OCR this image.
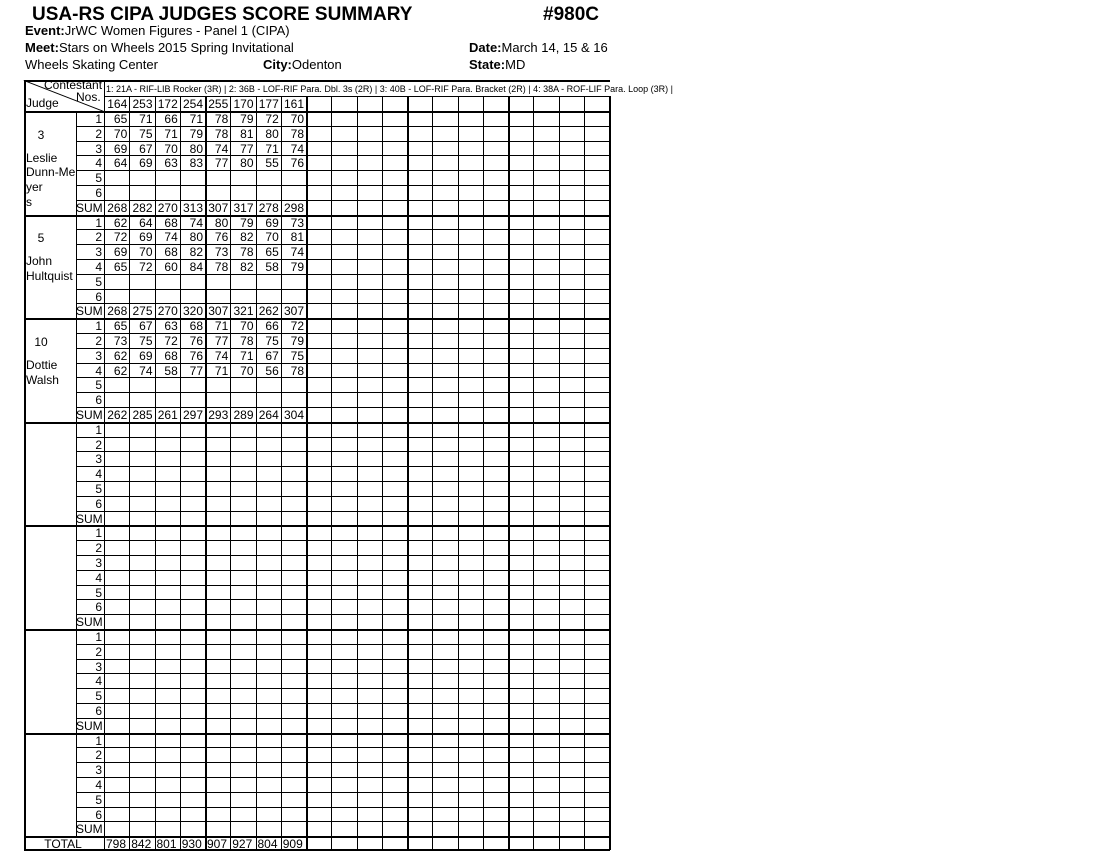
USA-RS CIPA JUDGES SCORE SUMMARY	#980C
Event:JrWC Women Figures - Panel 1 (CIPA)
Meet:Stars on Wheels 2015 Spring Invitational	Date:March 14, 15 & 16
Wheels Skating Center	City:Odenton	State:MD
Contestant
Nos.
Judge
1: 21A - RIF-LIB Rocker (3R) | 2: 36B - LOF-RIF Para. Dbl. 3s (2R) | 3: 40B - LOF-RIF Para. Bracket (2R) | 4: 38A - ROF-LIF Para. Loop (3R) |
164 253 172 254 255 170 177 161
3
Leslie
Dunn-Meyer
s
1 65 71 66 71 78 79 72 70
2 70 75 71 79 78 81 80 78
3 69 67 70 80 74 77 71 74
4 64 69 63 83 77 80 55 76
5
6
SUM 268 282 270 313 307 317 278 298
5
John
Hultquist
1 62 64 68 74 80 79 69 73
2 72 69 74 80 76 82 70 81
3 69 70 68 82 73 78 65 74
4 65 72 60 84 78 82 58 79
5
6
SUM 268 275 270 320 307 321 262 307
10
Dottie
Walsh
1 65 67 63 68 71 70 66 72
2 73 75 72 76 77 78 75 79
3 62 69 68 76 74 71 67 75
4 62 74 58 77 71 70 56 78
5
6
SUM 262 285 261 297 293 289 264 304
1
2
3
4
5
6
SUM
1
2
3
4
5
6
SUM
1
2
3
4
5
6
SUM
1
2
3
4
5
6
SUM
TOTAL	798 842 801 930 907 927 804 909
